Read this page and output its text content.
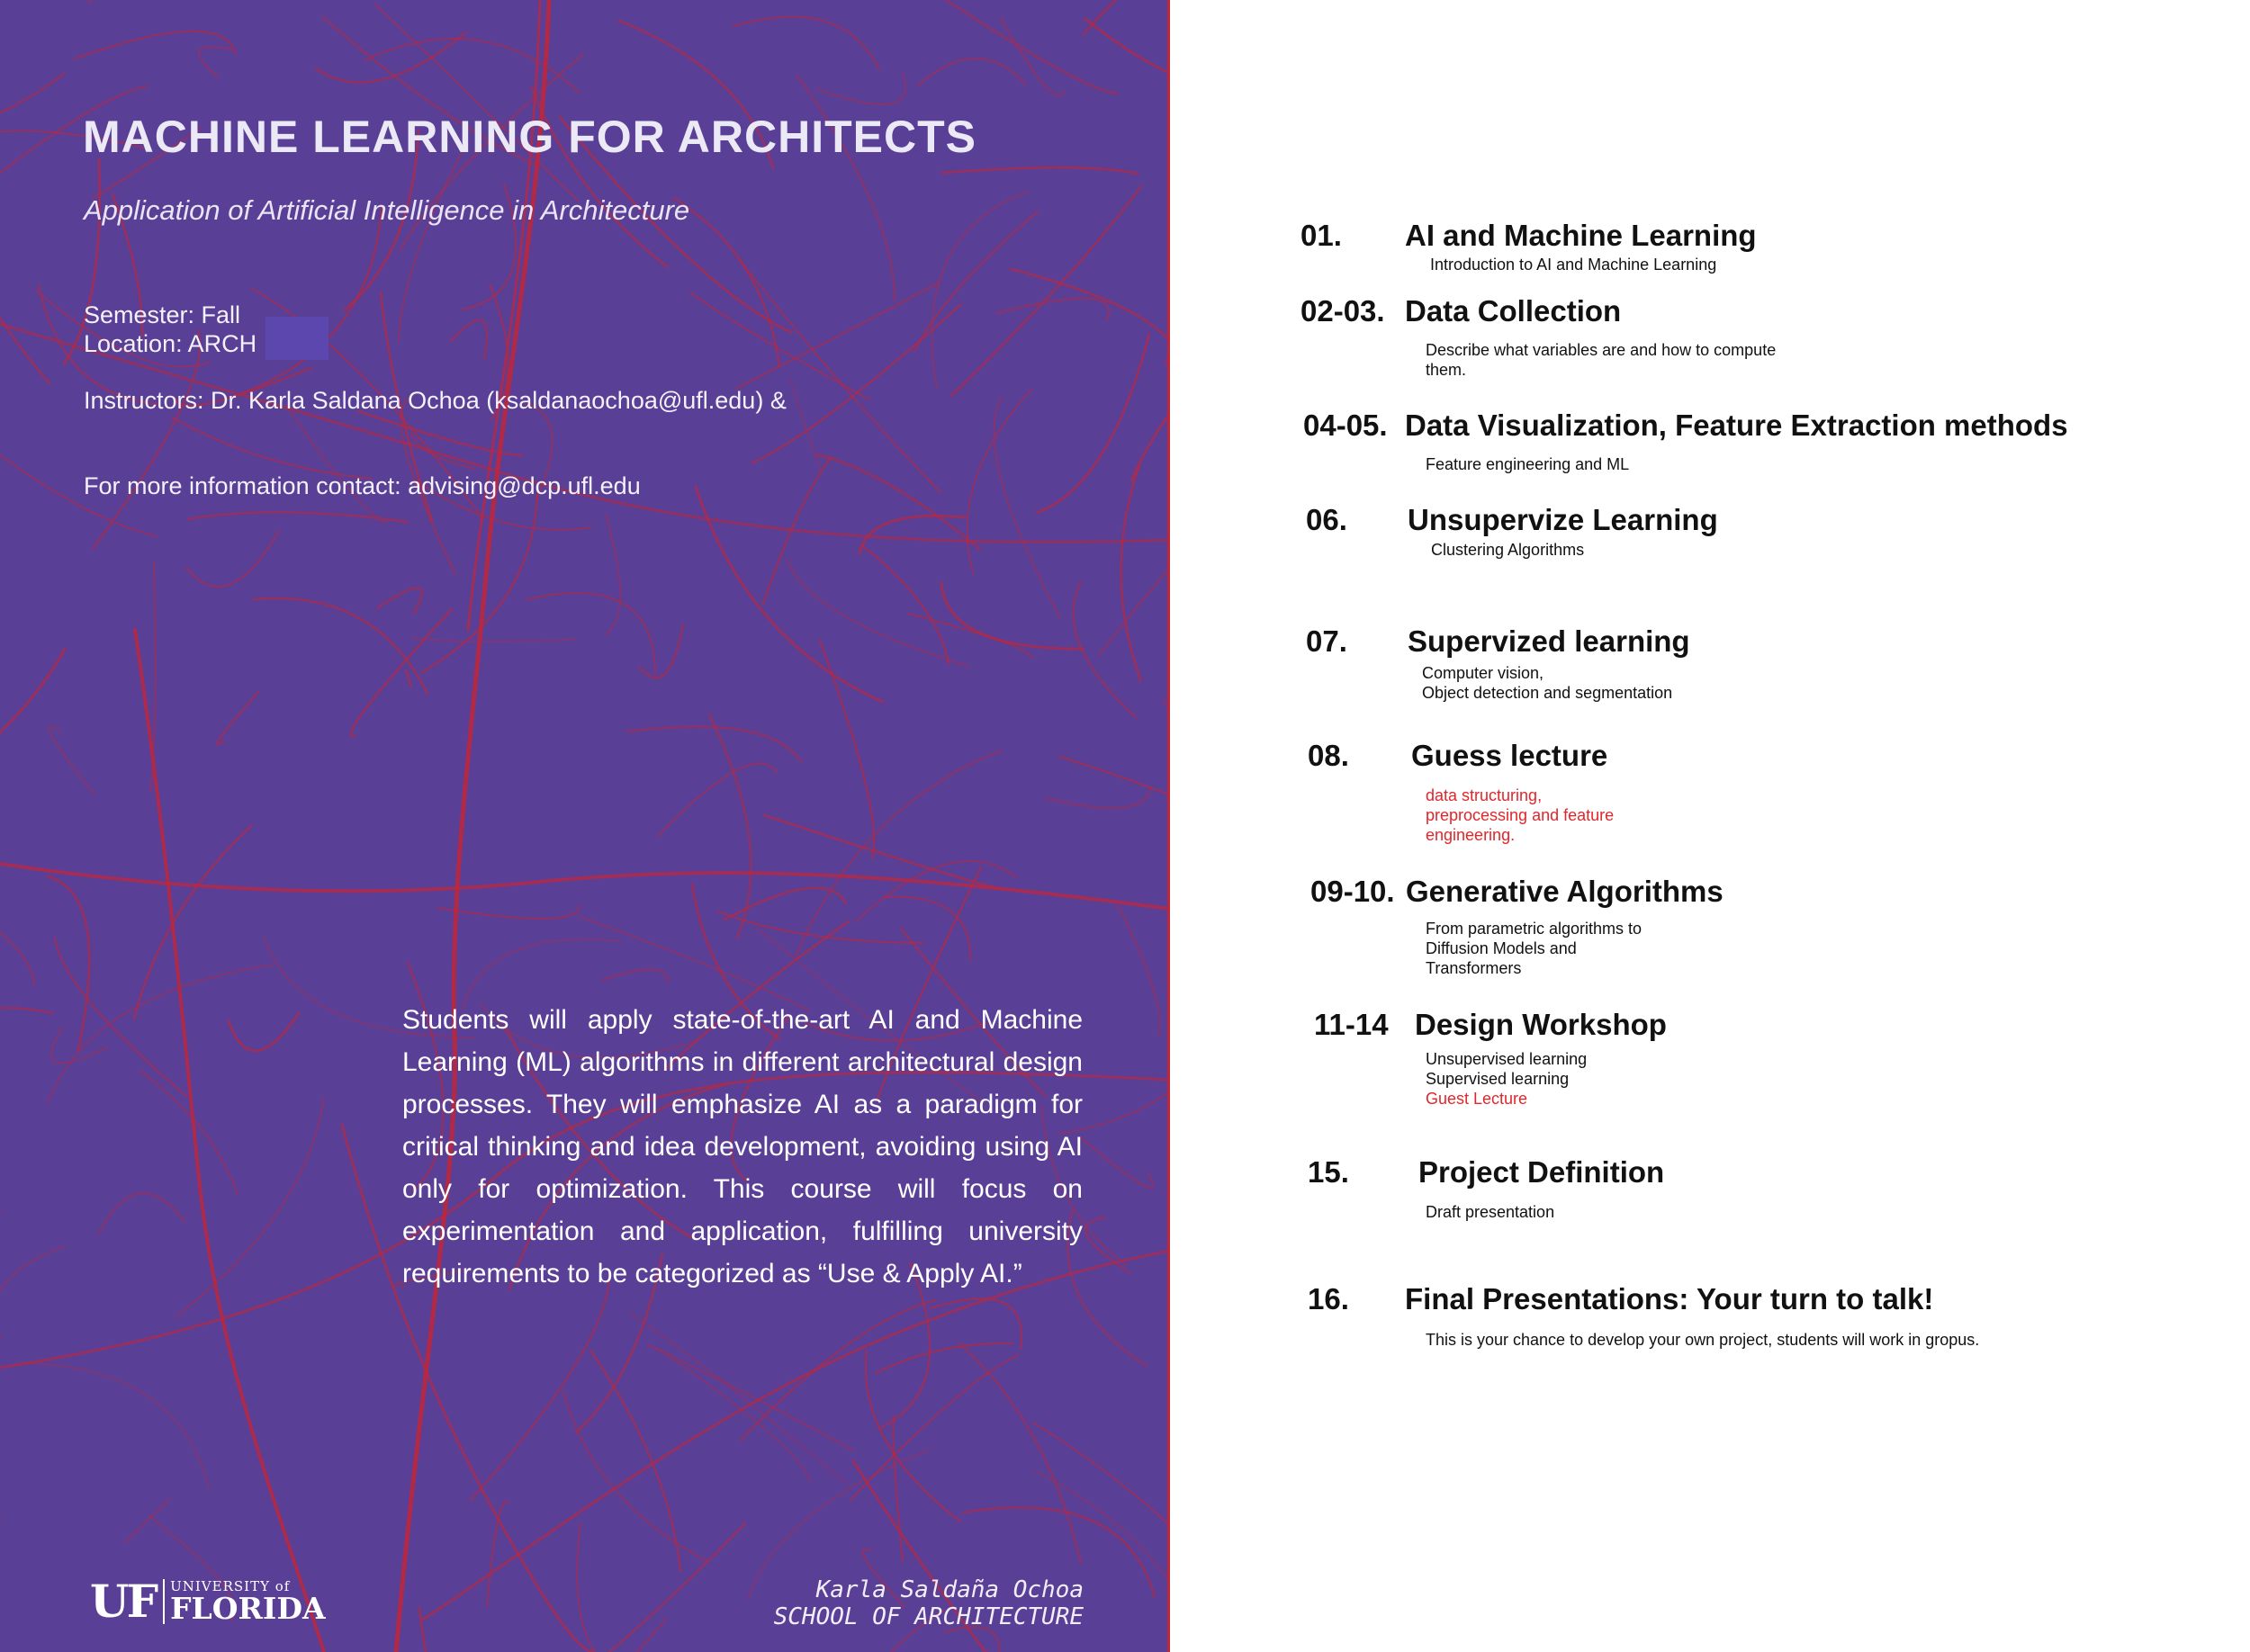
MACHINE LEARNING FOR ARCHITECTS
Application of Artificial Intelligence in Architecture
Semester: Fall
Location: ARCH
Instructors: Dr. Karla Saldana Ochoa (ksaldanaochoa@ufl.edu) &
For more information contact: advising@dcp.ufl.edu
Students will apply state-of-the-art AI and Machine Learning (ML) algorithms in different architectural design processes. They will emphasize AI as a paradigm for critical thinking and idea development, avoiding using AI only for optimization. This course will focus on experimentation and application, fulfilling university requirements to be categorized as “Use & Apply AI.”
UF UNIVERSITY of
FLORIDA
Karla Saldaña Ochoa
SCHOOL OF ARCHITECTURE
01. AI and Machine Learning
Introduction to AI and Machine Learning
02-03. Data Collection
Describe what variables are and how to compute
them.
04-05. Data Visualization, Feature Extraction methods
Feature engineering and ML
06. Unsupervize Learning
Clustering Algorithms
07. Supervized learning
Computer vision,
Object detection and segmentation
08. Guess lecture
data structuring,
preprocessing and feature
engineering.
09-10. Generative Algorithms
From parametric algorithms to
Diffusion Models and
Transformers
11-14 Design Workshop
Unsupervised learning
Supervised learning
Guest Lecture
15. Project Definition
Draft presentation
16. Final Presentations: Your turn to talk!
This is your chance to develop your own project, students will work in gropus.
